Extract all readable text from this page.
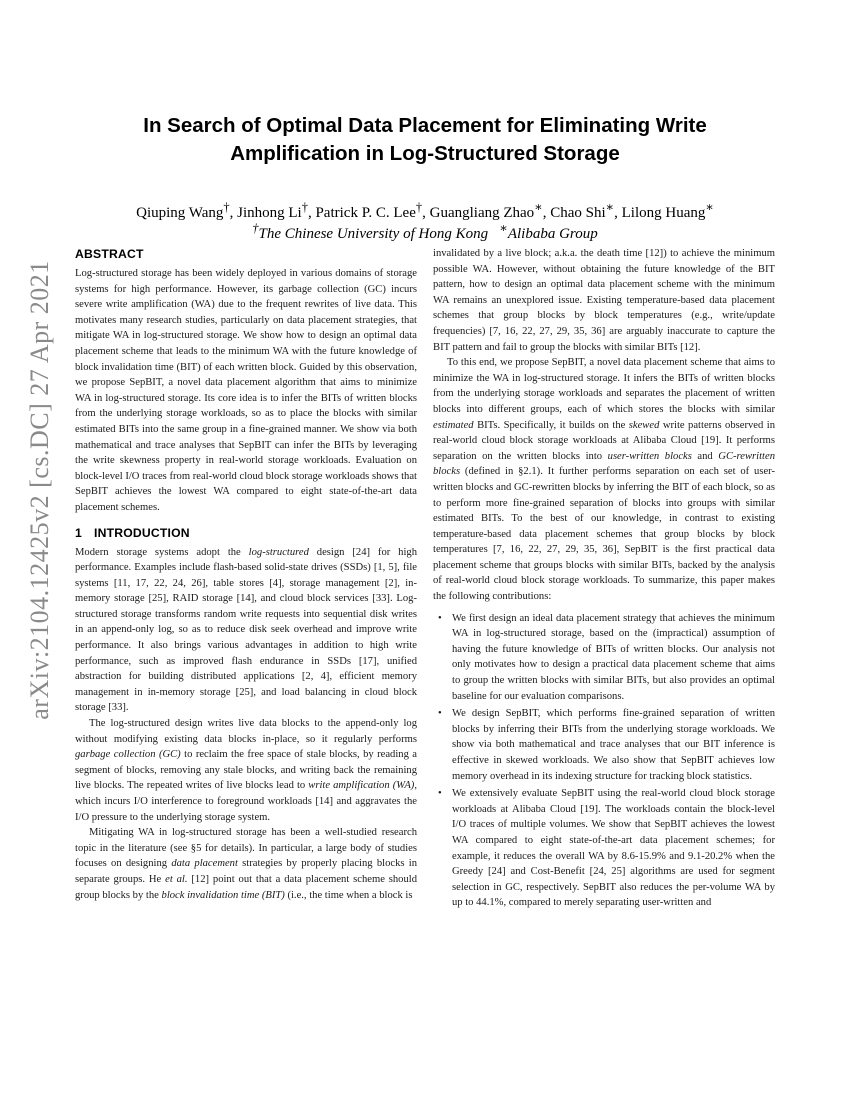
arXiv:2104.12425v2 [cs.DC] 27 Apr 2021
In Search of Optimal Data Placement for Eliminating Write
Amplification in Log-Structured Storage
Qiuping Wang†, Jinhong Li†, Patrick P. C. Lee†, Guangliang Zhao∗, Chao Shi∗, Lilong Huang∗
†The Chinese University of Hong Kong ∗Alibaba Group
ABSTRACT

Log-structured storage has been widely deployed in various domains of storage systems for high performance. However, its garbage collection (GC) incurs severe write amplification (WA) due to the frequent rewrites of live data. This motivates many research studies, particularly on data placement strategies, that mitigate WA in log-structured storage. We show how to design an optimal data placement scheme that leads to the minimum WA with the future knowledge of block invalidation time (BIT) of each written block. Guided by this observation, we propose SepBIT, a novel data placement algorithm that aims to minimize WA in log-structured storage. Its core idea is to infer the BITs of written blocks from the underlying storage workloads, so as to place the blocks with similar estimated BITs into the same group in a fine-grained manner. We show via both mathematical and trace analyses that SepBIT can infer the BITs by leveraging the write skewness property in real-world storage workloads. Evaluation on block-level I/O traces from real-world cloud block storage workloads shows that SepBIT achieves the lowest WA compared to eight state-of-the-art data placement schemes.

1 INTRODUCTION

Modern storage systems adopt the log-structured design [24] for high performance. Examples include flash-based solid-state drives (SSDs) [1, 5], file systems [11, 17, 22, 24, 26], table stores [4], storage management [2], in-memory storage [25], RAID storage [14], and cloud block services [33]. Log-structured storage transforms random write requests into sequential disk writes in an append-only log, so as to reduce disk seek overhead and improve write performance. It also brings various advantages in addition to high write performance, such as improved flash endurance in SSDs [17], unified abstraction for building distributed applications [2, 4], efficient memory management in in-memory storage [25], and load balancing in cloud block storage [33].

The log-structured design writes live data blocks to the append-only log without modifying existing data blocks in-place, so it regularly performs garbage collection (GC) to reclaim the free space of stale blocks, by reading a segment of blocks, removing any stale blocks, and writing back the remaining live blocks. The repeated writes of live blocks lead to write amplification (WA), which incurs I/O interference to foreground workloads [14] and aggravates the I/O pressure to the underlying storage system.

Mitigating WA in log-structured storage has been a well-studied research topic in the literature (see §5 for details). In particular, a large body of studies focuses on designing data placement strategies by properly placing blocks in separate groups. He et al. [12] point out that a data placement scheme should group blocks by the block invalidation time (BIT) (i.e., the time when a block is

invalidated by a live block; a.k.a. the death time [12]) to achieve the minimum possible WA. However, without obtaining the future knowledge of the BIT pattern, how to design an optimal data placement scheme with the minimum WA remains an unexplored issue. Existing temperature-based data placement schemes that group blocks by block temperatures (e.g., write/update frequencies) [7, 16, 22, 27, 29, 35, 36] are arguably inaccurate to capture the BIT pattern and fail to group the blocks with similar BITs [12].

To this end, we propose SepBIT, a novel data placement scheme that aims to minimize the WA in log-structured storage. It infers the BITs of written blocks from the underlying storage workloads and separates the placement of written blocks into different groups, each of which stores the blocks with similar estimated BITs. Specifically, it builds on the skewed write patterns observed in real-world cloud block storage workloads at Alibaba Cloud [19]. It performs separation on the written blocks into user-written blocks and GC-rewritten blocks (defined in §2.1). It further performs separation on each set of user-written blocks and GC-rewritten blocks by inferring the BIT of each block, so as to perform more fine-grained separation of blocks into groups with similar estimated BITs. To the best of our knowledge, in contrast to existing temperature-based data placement schemes that group blocks by block temperatures [7, 16, 22, 27, 29, 35, 36], SepBIT is the first practical data placement scheme that groups blocks with similar BITs, backed by the analysis of real-world cloud block storage workloads. To summarize, this paper makes the following contributions:

• We first design an ideal data placement strategy that achieves the minimum WA in log-structured storage, based on the (impractical) assumption of having the future knowledge of BITs of written blocks. Our analysis not only motivates how to design a practical data placement scheme that aims to group the written blocks with similar BITs, but also provides an optimal baseline for our evaluation comparisons.
• We design SepBIT, which performs fine-grained separation of written blocks by inferring their BITs from the underlying storage workloads. We show via both mathematical and trace analyses that our BIT inference is effective in skewed workloads. We also show that SepBIT achieves low memory overhead in its indexing structure for tracking block statistics.
• We extensively evaluate SepBIT using the real-world cloud block storage workloads at Alibaba Cloud [19]. The workloads contain the block-level I/O traces of multiple volumes. We show that SepBIT achieves the lowest WA compared to eight state-of-the-art data placement schemes; for example, it reduces the overall WA by 8.6-15.9% and 9.1-20.2% when the Greedy [24] and Cost-Benefit [24, 25] algorithms are used for segment selection in GC, respectively. SepBIT also reduces the per-volume WA by up to 44.1%, compared to merely separating user-written and
